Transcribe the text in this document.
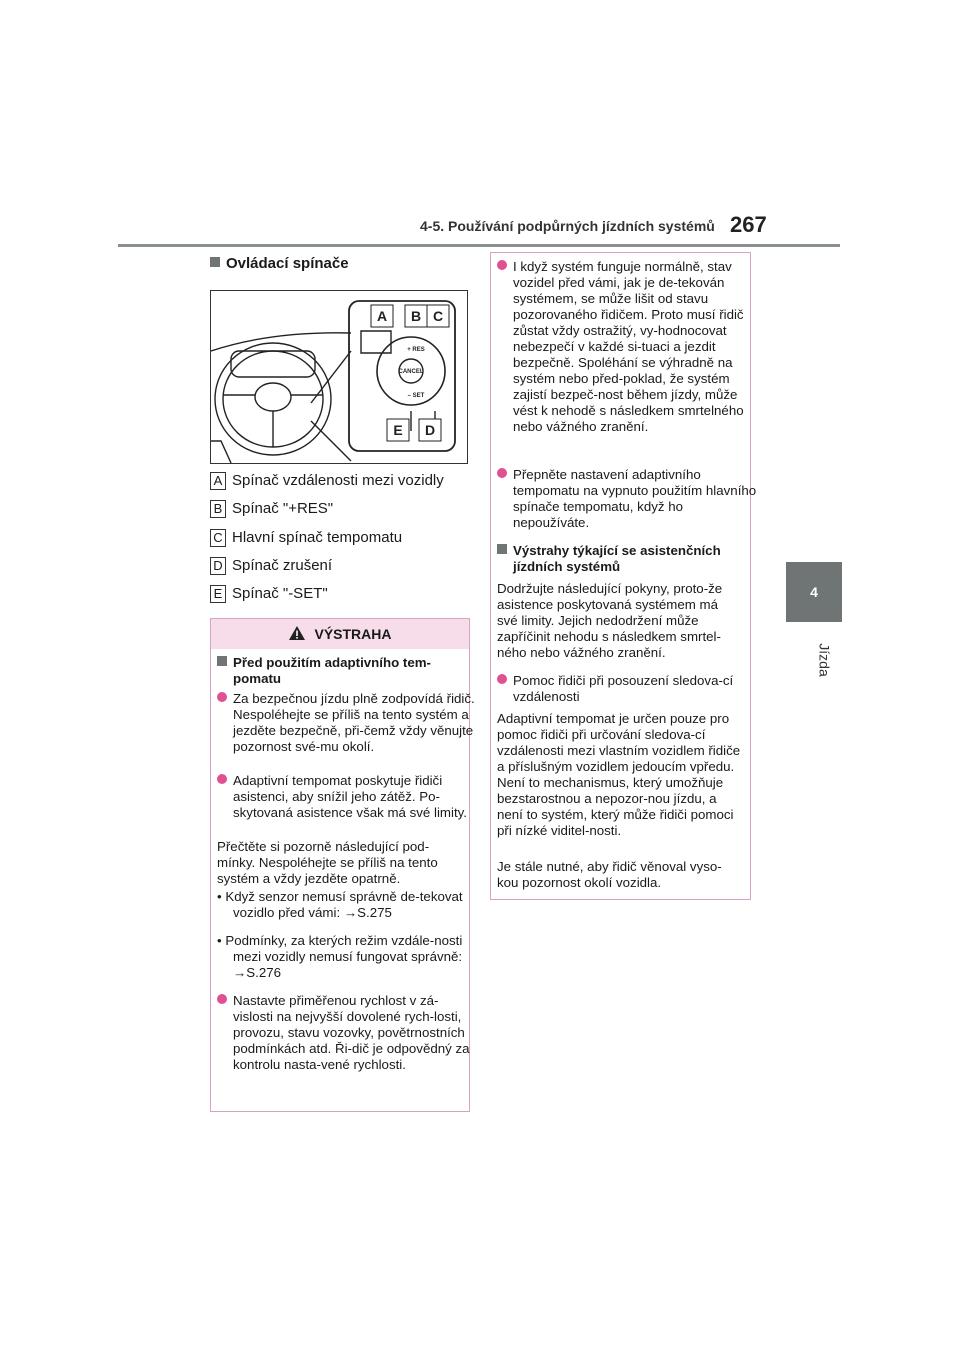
4-5. Používání podpůrných jízdních systémů 267
4
Jízda
Ovládací spínače
A B C
E D
+ RES
CANCEL
– SET
A Spínač vzdálenosti mezi vozidly
B Spínač "+RES"
C Hlavní spínač tempomatu
D Spínač zrušení
E Spínač "-SET"
VÝSTRAHA
Před použitím adaptivního tem-pomatu
Za bezpečnou jízdu plně zodpovídá řidič. Nespoléhejte se příliš na tento systém a jezděte bezpečně, při-čemž vždy věnujte pozornost své-mu okolí.
Adaptivní tempomat poskytuje řidiči asistenci, aby snížil jeho zátěž. Po-skytovaná asistence však má své limity.
Přečtěte si pozorně následující pod-mínky. Nespoléhejte se příliš na tento systém a vždy jezděte opatrně.
• Když senzor nemusí správně de-tekovat vozidlo před vámi: →S.275
• Podmínky, za kterých režim vzdále-nosti mezi vozidly nemusí fungovat správně: →S.276
Nastavte přiměřenou rychlost v zá-vislosti na nejvyšší dovolené rych-losti, provozu, stavu vozovky, povětrnostních podmínkách atd. Ři-dič je odpovědný za kontrolu nasta-vené rychlosti.
I když systém funguje normálně, stav vozidel před vámi, jak je de-tekován systémem, se může lišit od stavu pozorovaného řidičem. Proto musí řidič zůstat vždy ostražitý, vy-hodnocovat nebezpečí v každé si-tuaci a jezdit bezpečně. Spoléhání se výhradně na systém nebo před-poklad, že systém zajistí bezpeč-nost během jízdy, může vést k nehodě s následkem smrtelného nebo vážného zranění.
Přepněte nastavení adaptivního tempomatu na vypnuto použitím hlavního spínače tempomatu, když ho nepoužíváte.
Výstrahy týkající se asistenčních jízdních systémů
Dodržujte následující pokyny, proto-že asistence poskytovaná systémem má své limity. Jejich nedodržení může zapříčinit nehodu s následkem smrtel-ného nebo vážného zranění.
Pomoc řidiči při posouzení sledova-cí vzdálenosti
Adaptivní tempomat je určen pouze pro pomoc řidiči při určování sledova-cí vzdálenosti mezi vlastním vozidlem řidiče a příslušným vozidlem jedoucím vpředu. Není to mechanismus, který umožňuje bezstarostnou a nepozor-nou jízdu, a není to systém, který může řidiči pomoci při nízké viditel-nosti.
Je stále nutné, aby řidič věnoval vyso-kou pozornost okolí vozidla.
